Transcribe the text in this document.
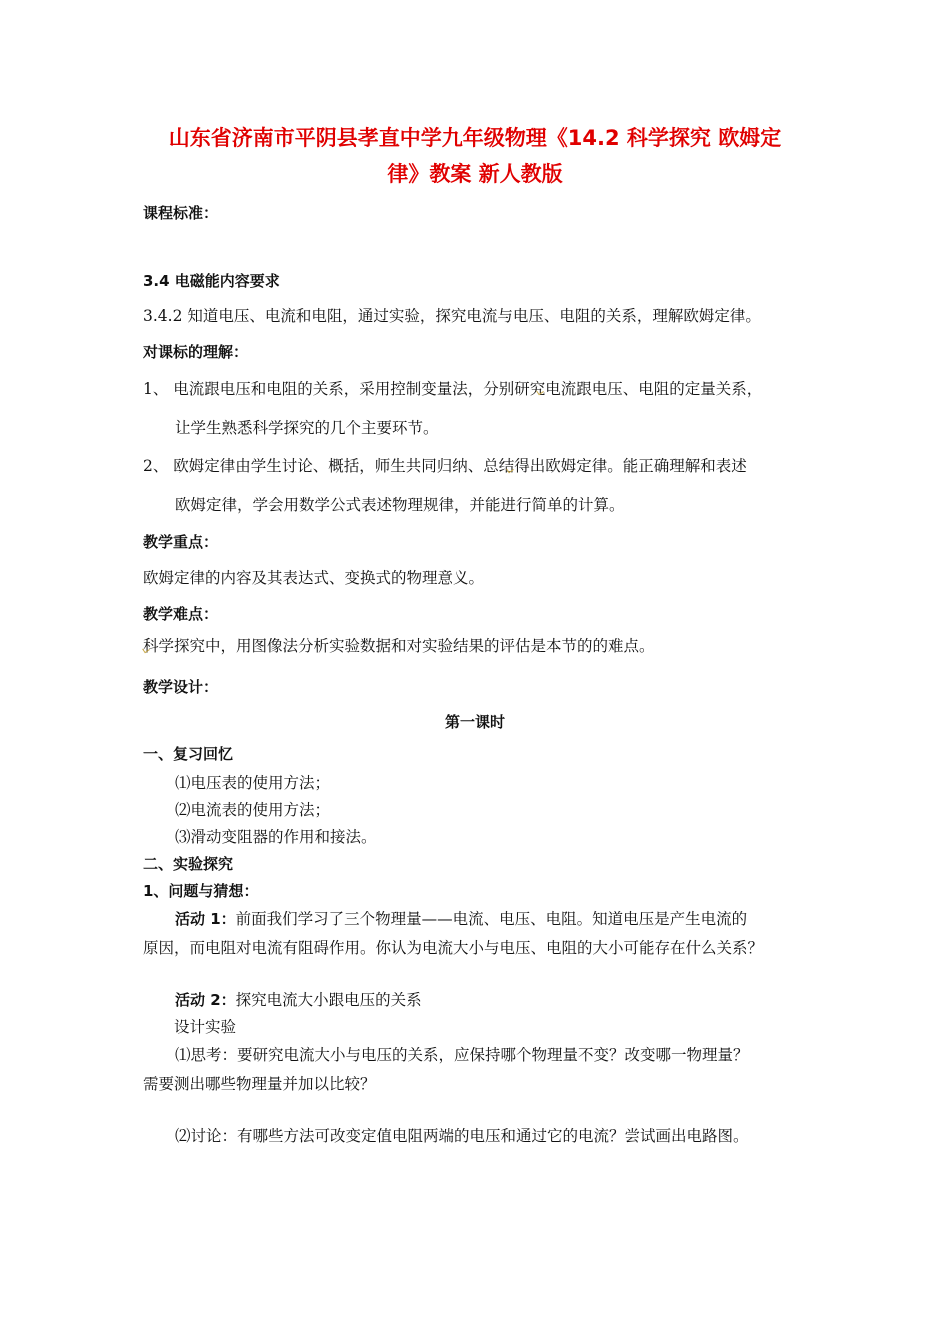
山东省济南市平阴县孝直中学九年级物理《14.2 科学探究 欧姆定
律》教案 新人教版
课程标准：
3.4 电磁能内容要求
3.4.2 知道电压、电流和电阻，通过实验，探究电流与电压、电阻的关系，理解欧姆定律。
对课标的理解：
1、 电流跟电压和电阻的关系，采用控制变量法，分别研究电流跟电压、电阻的定量关系，
让学生熟悉科学探究的几个主要环节。
2、 欧姆定律由学生讨论、概括，师生共同归纳、总结得出欧姆定律。能正确理解和表述
欧姆定律，学会用数学公式表述物理规律，并能进行简单的计算。
教学重点：
欧姆定律的内容及其表达式、变换式的物理意义。
教学难点：
科学探究中，用图像法分析实验数据和对实验结果的评估是本节的的难点。
教学设计：
第一课时
一、复习回忆
⑴电压表的使用方法；
⑵电流表的使用方法；
⑶滑动变阻器的作用和接法。
二、实验探究
1、问题与猜想：
活动 1：前面我们学习了三个物理量——电流、电压、电阻。知道电压是产生电流的
原因，而电阻对电流有阻碍作用。你认为电流大小与电压、电阻的大小可能存在什么关系？
活动 2：探究电流大小跟电压的关系
设计实验
⑴思考：要研究电流大小与电压的关系，应保持哪个物理量不变？改变哪一物理量？
需要测出哪些物理量并加以比较？
⑵讨论：有哪些方法可改变定值电阻两端的电压和通过它的电流？尝试画出电路图。
